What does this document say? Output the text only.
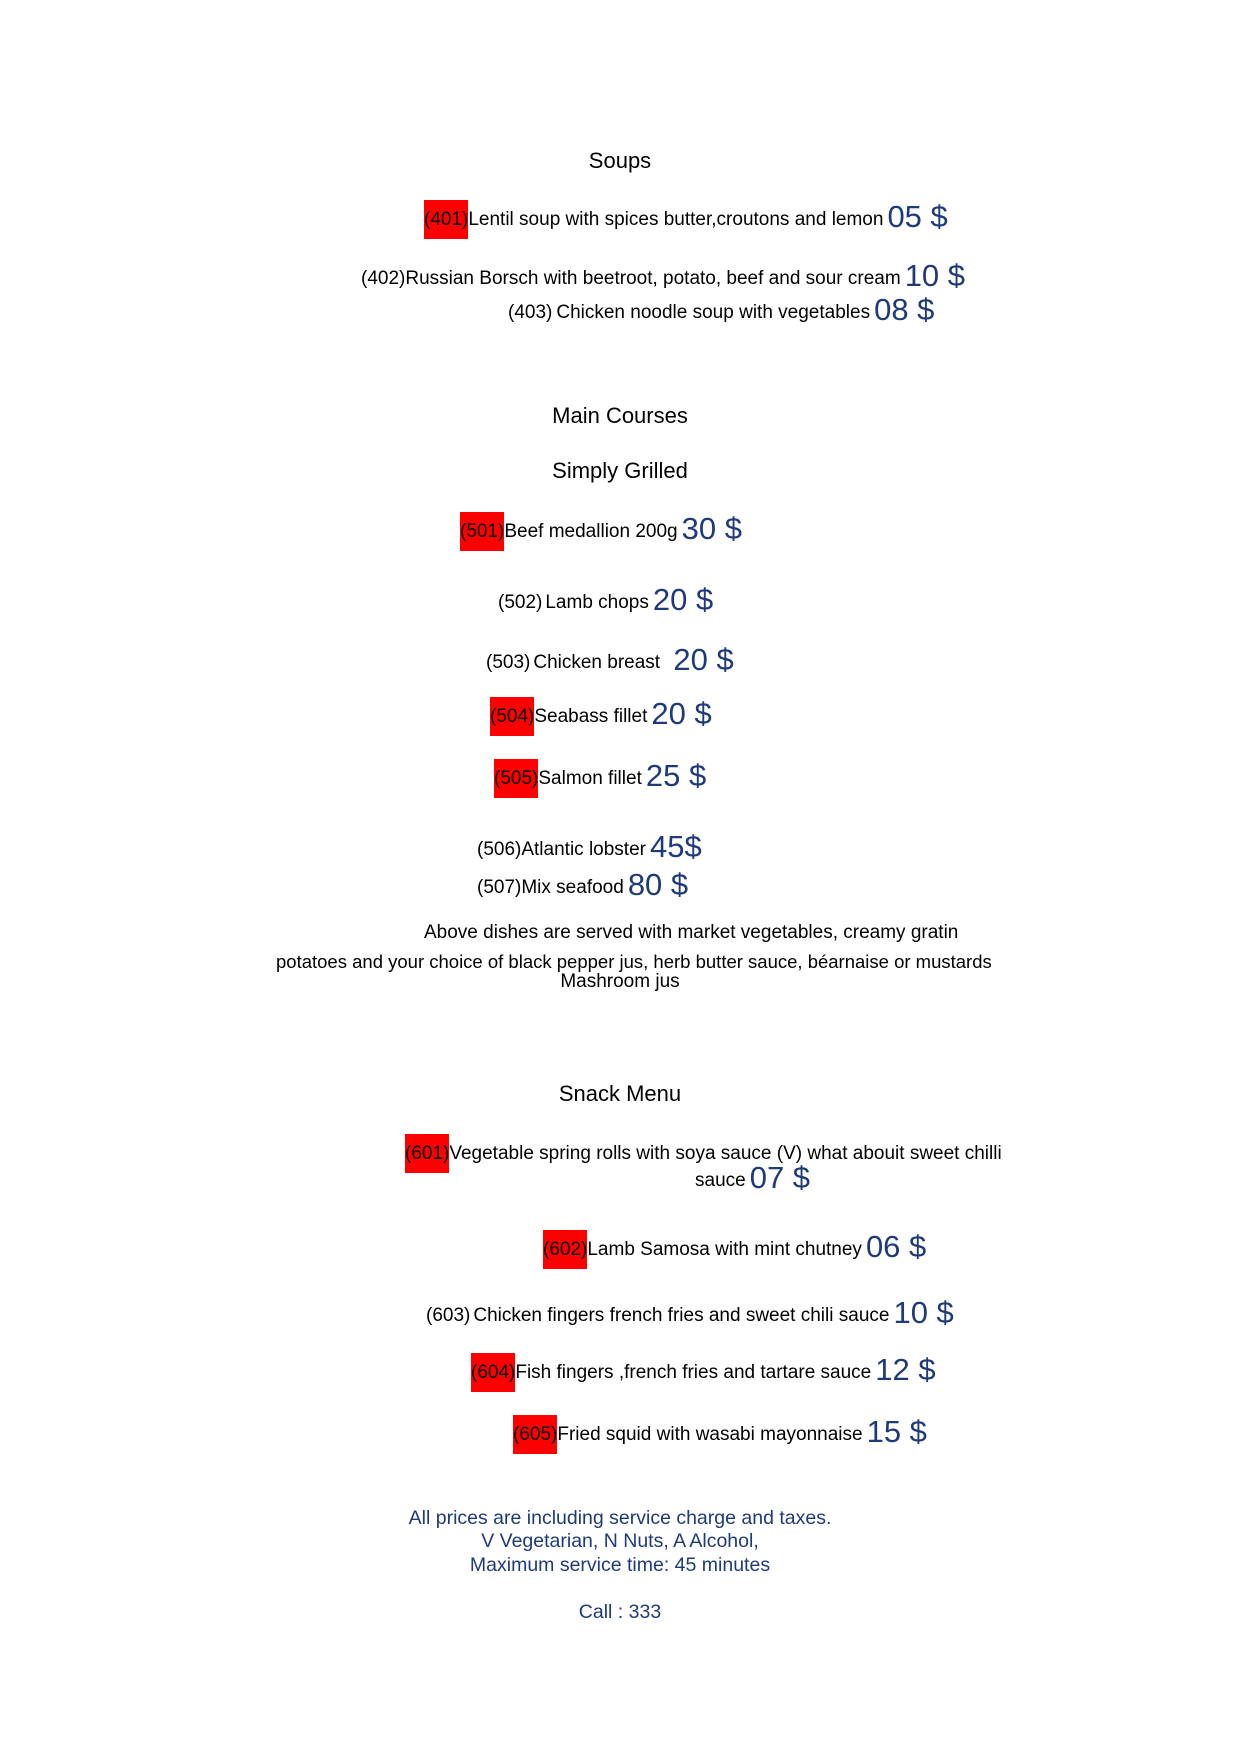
Soups
(401)Lentil soup with spices butter,croutons and lemon 05 $
(402)Russian Borsch with beetroot, potato, beef and sour cream 10 $
(403) Chicken noodle soup with vegetables 08 $
Main Courses
Simply Grilled
(501)Beef medallion 200g 30 $
(502) Lamb chops 20 $
(503) Chicken breast 20 $
(504)Seabass fillet 20 $
(505)Salmon fillet 25 $
(506)Atlantic lobster 45$
(507)Mix seafood 80 $
Above dishes are served with market vegetables, creamy gratin
potatoes and your choice of black pepper jus, herb butter sauce, béarnaise or mustards
Mashroom jus
Snack Menu
(601)Vegetable spring rolls with soya sauce (V) what abouit sweet chilli
sauce 07 $
(602)Lamb Samosa with mint chutney 06 $
(603) Chicken fingers french fries and sweet chili sauce 10 $
(604)Fish fingers ,french fries and tartare sauce 12 $
(605)Fried squid with wasabi mayonnaise 15 $
All prices are including service charge and taxes.
V Vegetarian, N Nuts, A Alcohol,
Maximum service time: 45 minutes
Call : 333
